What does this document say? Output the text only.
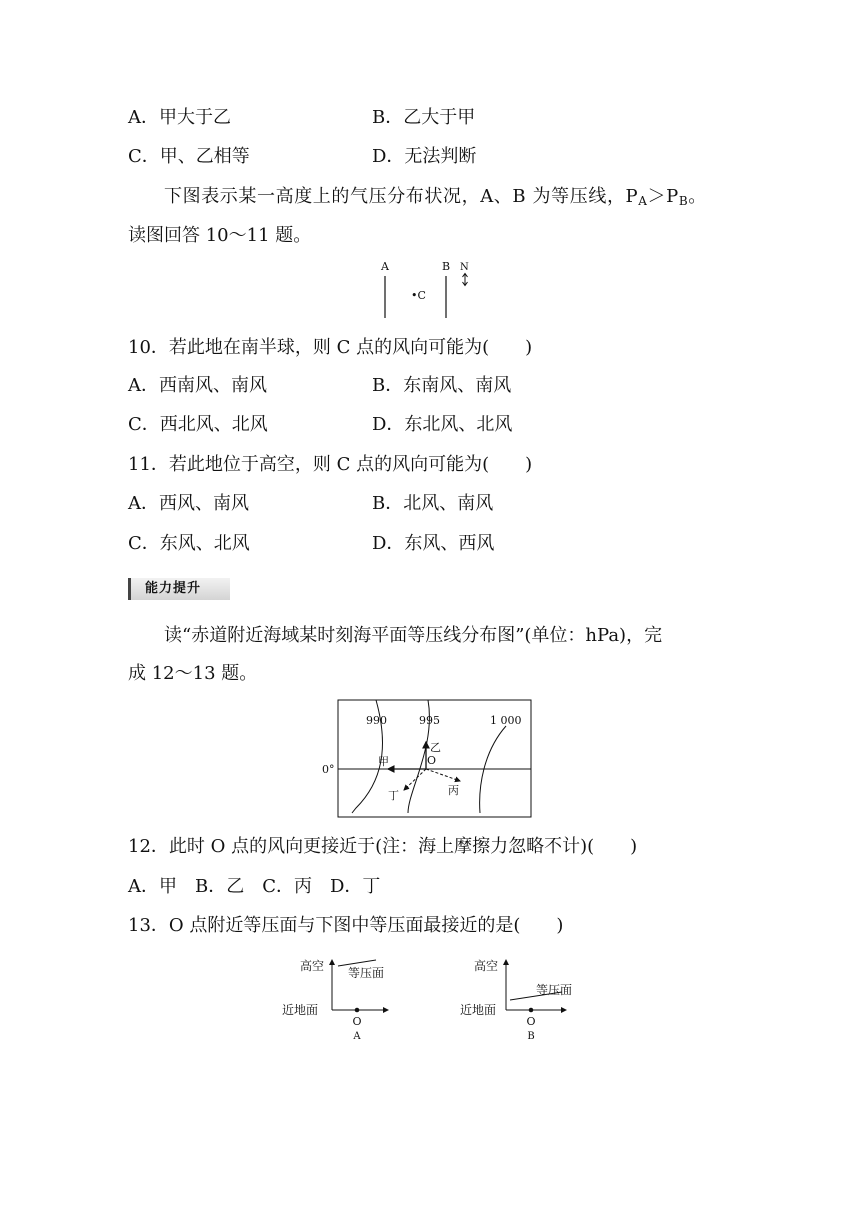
A．甲大于乙	B．乙大于甲
C．甲、乙相等	D．无法判断
下图表示某一高度上的气压分布状况，A、B 为等压线，$P_A>P_B$。
读图回答 10～11 题。
A	B
•C
N
10．若此地在南半球，则 C 点的风向可能为(　　)
A．西南风、南风	B．东南风、南风
C．西北风、北风	D．东北风、北风
11．若此地位于高空，则 C 点的风向可能为(　　)
A．西风、南风	B．北风、南风
C．东风、北风	D．东风、西风
能力提升
读“赤道附近海域某时刻海平面等压线分布图”(单位：hPa)，完
成 12～13 题。
990	995	1 000
0°
甲
乙
O
丙
丁
12．此时 O 点的风向更接近于(注：海上摩擦力忽略不计)(　　)
A．甲　B．乙　C．丙　D．丁
13．O 点附近等压面与下图中等压面最接近的是(　　)
高空
近地面
等压面
O
A
高空
近地面
等压面
O
B
